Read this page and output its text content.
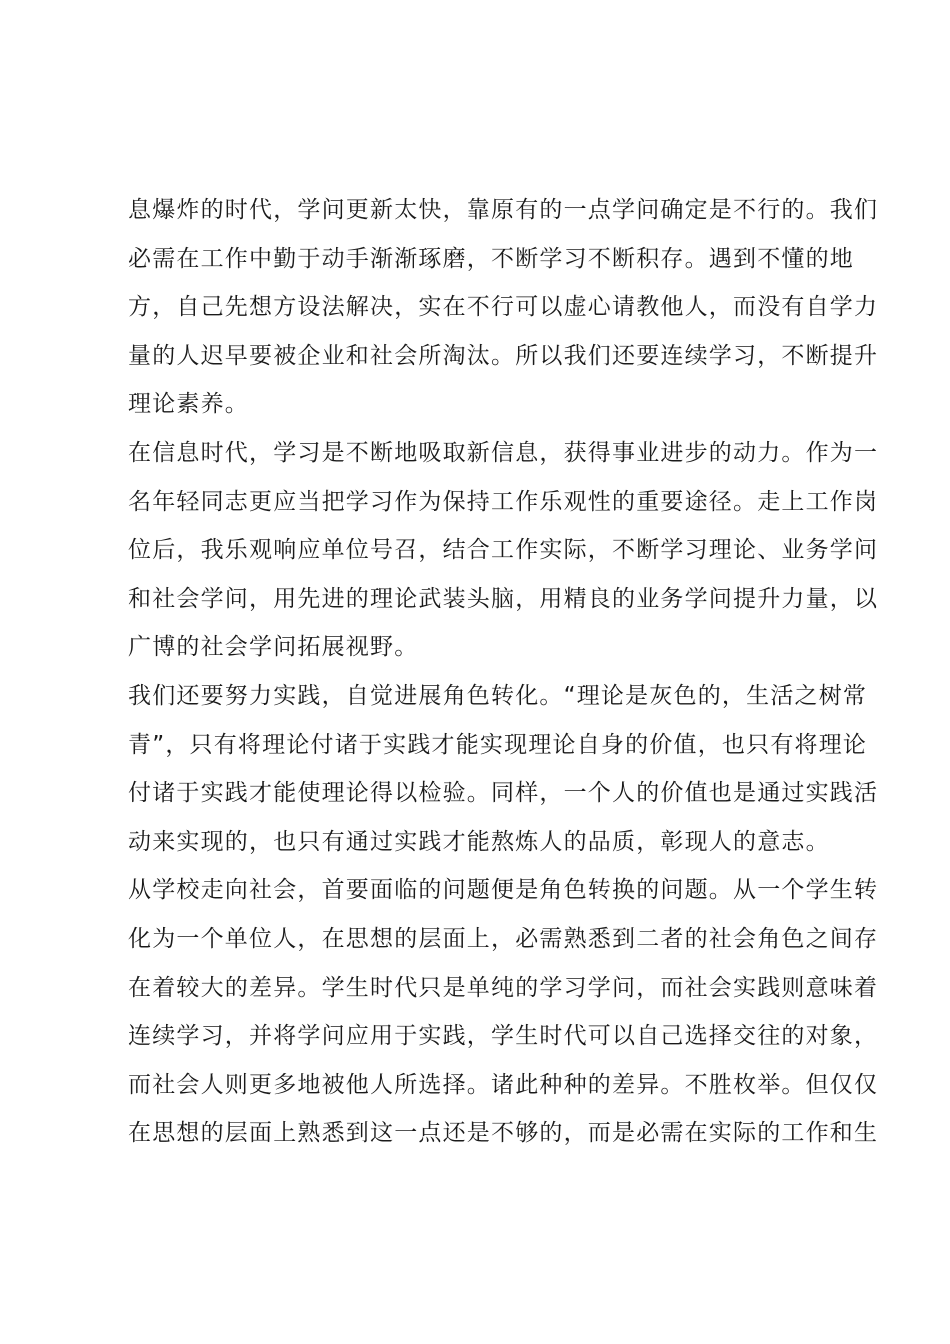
息爆炸的时代，学问更新太快，靠原有的一点学问确定是不行的。我们
必需在工作中勤于动手渐渐琢磨，不断学习不断积存。遇到不懂的地
方，自己先想方设法解决，实在不行可以虚心请教他人，而没有自学力
量的人迟早要被企业和社会所淘汰。所以我们还要连续学习，不断提升
理论素养。
在信息时代，学习是不断地吸取新信息，获得事业进步的动力。作为一
名年轻同志更应当把学习作为保持工作乐观性的重要途径。走上工作岗
位后，我乐观响应单位号召，结合工作实际，不断学习理论、业务学问
和社会学问，用先进的理论武装头脑，用精良的业务学问提升力量，以
广博的社会学问拓展视野。
我们还要努力实践，自觉进展角色转化。“理论是灰色的，生活之树常
青”，只有将理论付诸于实践才能实现理论自身的价值，也只有将理论
付诸于实践才能使理论得以检验。同样，一个人的价值也是通过实践活
动来实现的，也只有通过实践才能熬炼人的品质，彰现人的意志。
从学校走向社会，首要面临的问题便是角色转换的问题。从一个学生转
化为一个单位人，在思想的层面上，必需熟悉到二者的社会角色之间存
在着较大的差异。学生时代只是单纯的学习学问，而社会实践则意味着
连续学习，并将学问应用于实践，学生时代可以自己选择交往的对象，
而社会人则更多地被他人所选择。诸此种种的差异。不胜枚举。但仅仅
在思想的层面上熟悉到这一点还是不够的，而是必需在实际的工作和生
